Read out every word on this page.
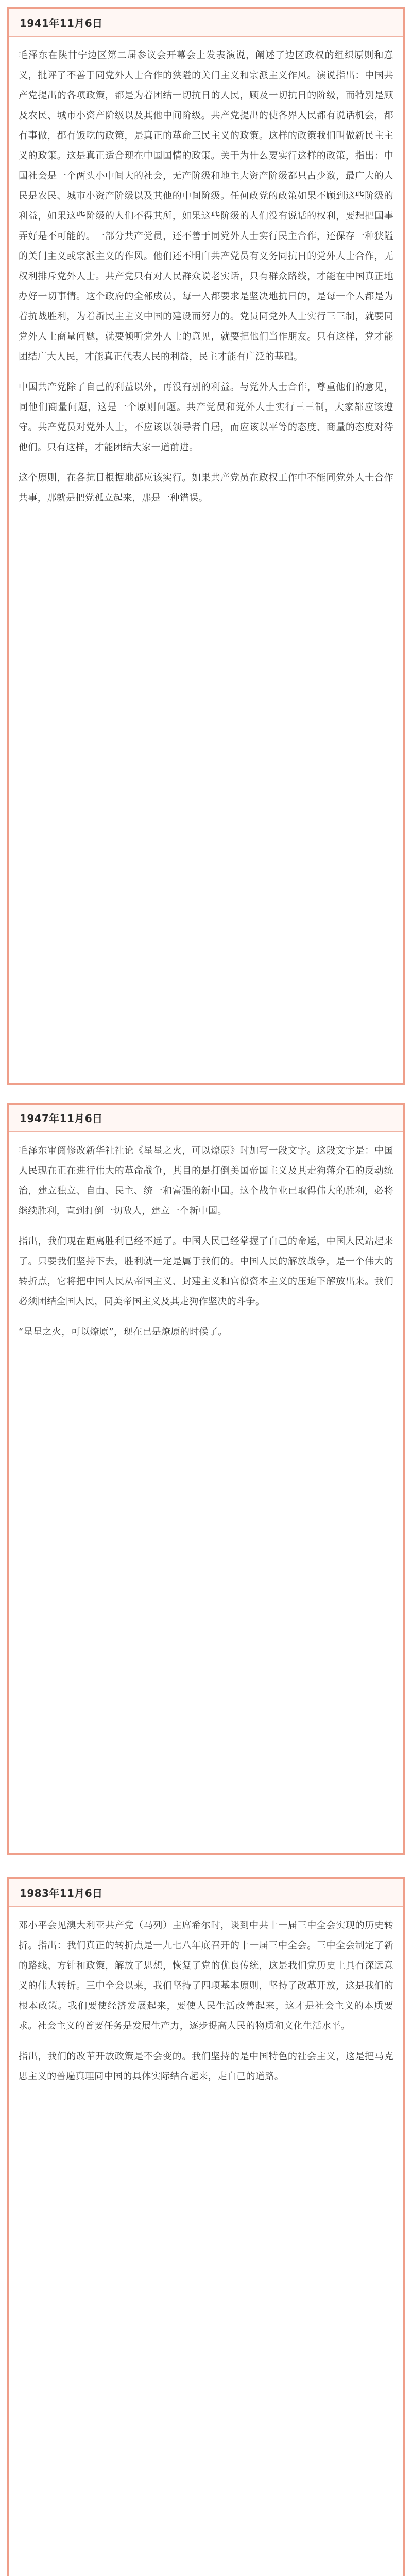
1941年11月6日

毛泽东在陕甘宁边区第二届参议会开幕会上发表演说，阐述了边区政权的组织原则和意义，批评了不善于同党外人士合作的狭隘的关门主义和宗派主义作风。演说指出：中国共产党提出的各项政策，都是为着团结一切抗日的人民，顾及一切抗日的阶级，而特别是顾及农民、城市小资产阶级以及其他中间阶级。共产党提出的使各界人民都有说话机会，都有事做，都有饭吃的政策，是真正的革命三民主义的政策。这样的政策我们叫做新民主主义的政策。这是真正适合现在中国国情的政策。关于为什么要实行这样的政策，指出：中国社会是一个两头小中间大的社会，无产阶级和地主大资产阶级都只占少数，最广大的人民是农民、城市小资产阶级以及其他的中间阶级。任何政党的政策如果不顾到这些阶级的利益，如果这些阶级的人们不得其所，如果这些阶级的人们没有说话的权利，要想把国事弄好是不可能的。一部分共产党员，还不善于同党外人士实行民主合作，还保存一种狭隘的关门主义或宗派主义的作风。他们还不明白共产党员有义务同抗日的党外人士合作，无权利排斥党外人士。共产党只有对人民群众说老实话，只有群众路线，才能在中国真正地办好一切事情。这个政府的全部成员，每一人都要求是坚决地抗日的，是每一个人都是为着抗战胜利，为着新民主主义中国的建设而努力的。党员同党外人士实行三三制，就要同党外人士商量问题，就要倾听党外人士的意见，就要把他们当作朋友。只有这样，党才能团结广大人民，才能真正代表人民的利益，民主才能有广泛的基础。

中国共产党除了自己的利益以外，再没有别的利益。与党外人士合作，尊重他们的意见，同他们商量问题，这是一个原则问题。共产党员和党外人士实行三三制，大家都应该遵守。共产党员对党外人士，不应该以领导者自居，而应该以平等的态度、商量的态度对待他们。只有这样，才能团结大家一道前进。

这个原则，在各抗日根据地都应该实行。如果共产党员在政权工作中不能同党外人士合作共事，那就是把党孤立起来，那是一种错误。

1947年11月6日

毛泽东审阅修改新华社社论《星星之火，可以燎原》时加写一段文字。这段文字是：中国人民现在正在进行伟大的革命战争，其目的是打倒美国帝国主义及其走狗蒋介石的反动统治，建立独立、自由、民主、统一和富强的新中国。这个战争业已取得伟大的胜利，必将继续胜利，直到打倒一切敌人，建立一个新中国。

指出，我们现在距离胜利已经不远了。中国人民已经掌握了自己的命运，中国人民站起来了。只要我们坚持下去，胜利就一定是属于我们的。中国人民的解放战争，是一个伟大的转折点，它将把中国人民从帝国主义、封建主义和官僚资本主义的压迫下解放出来。我们必须团结全国人民，同美帝国主义及其走狗作坚决的斗争。

“星星之火，可以燎原”，现在已是燎原的时候了。

1983年11月6日

邓小平会见澳大利亚共产党（马列）主席希尔时，谈到中共十一届三中全会实现的历史转折。指出：我们真正的转折点是一九七八年底召开的十一届三中全会。三中全会制定了新的路线、方针和政策，解放了思想，恢复了党的优良传统，这是我们党历史上具有深远意义的伟大转折。三中全会以来，我们坚持了四项基本原则，坚持了改革开放，这是我们的根本政策。我们要使经济发展起来，要使人民生活改善起来，这才是社会主义的本质要求。社会主义的首要任务是发展生产力，逐步提高人民的物质和文化生活水平。

指出，我们的改革开放政策是不会变的。我们坚持的是中国特色的社会主义，这是把马克思主义的普遍真理同中国的具体实际结合起来，走自己的道路。
